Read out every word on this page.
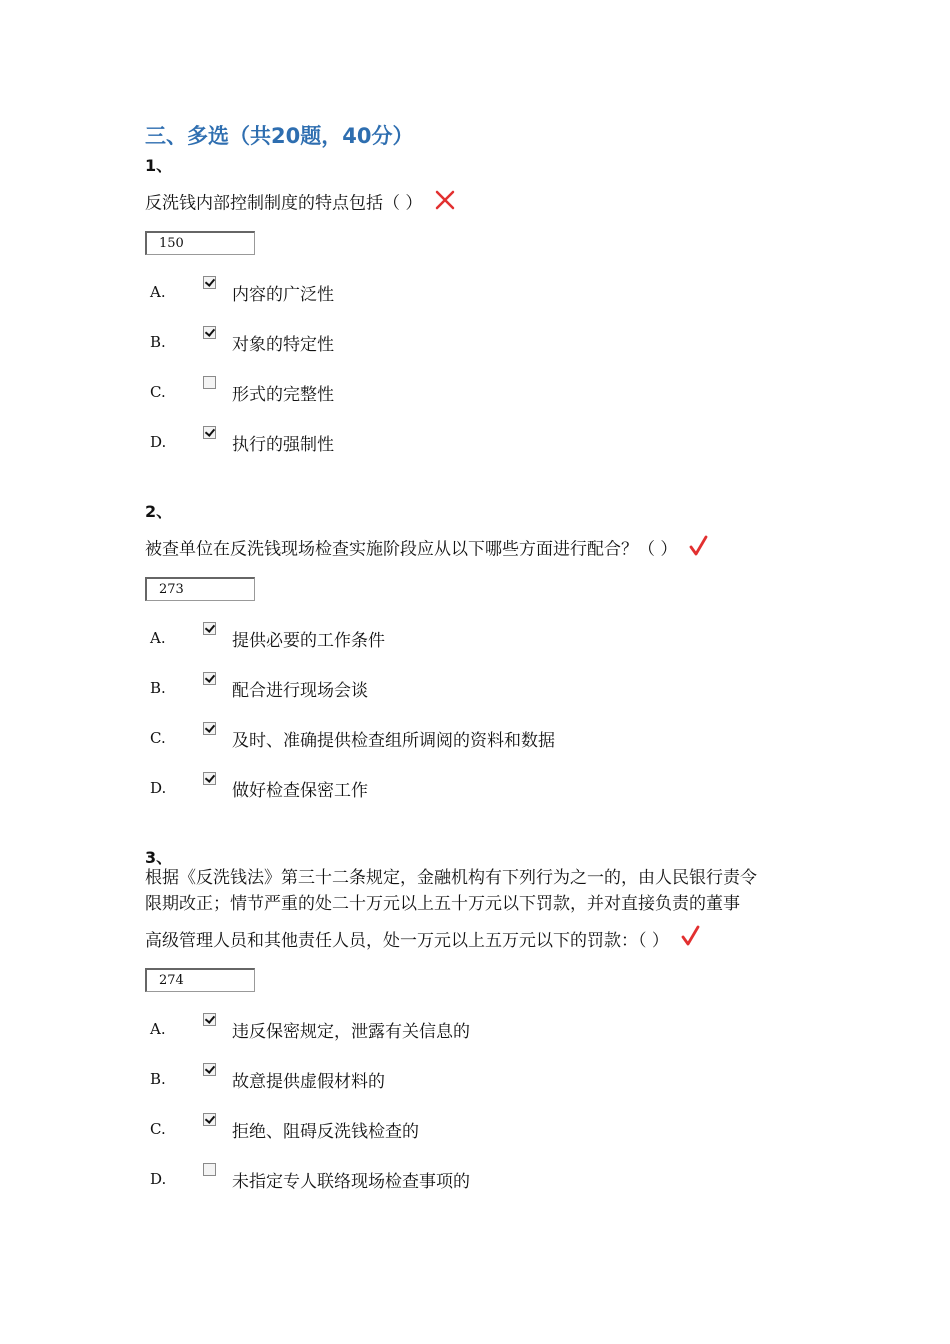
三、多选（共20题，40分）
1、
反洗钱内部控制制度的特点包括（ ）
150
A.	内容的广泛性
B.	对象的特定性
C.	形式的完整性
D.	执行的强制性
2、
被查单位在反洗钱现场检查实施阶段应从以下哪些方面进行配合？（ ）
273
A.	提供必要的工作条件
B.	配合进行现场会谈
C.	及时、准确提供检查组所调阅的资料和数据
D.	做好检查保密工作
3、
根据《反洗钱法》第三十二条规定，金融机构有下列行为之一的，由人民银行责令
限期改正；情节严重的处二十万元以上五十万元以下罚款，并对直接负责的董事
高级管理人员和其他责任人员，处一万元以上五万元以下的罚款：（ ）
274
A.	违反保密规定，泄露有关信息的
B.	故意提供虚假材料的
C.	拒绝、阻碍反洗钱检查的
D.	未指定专人联络现场检查事项的
